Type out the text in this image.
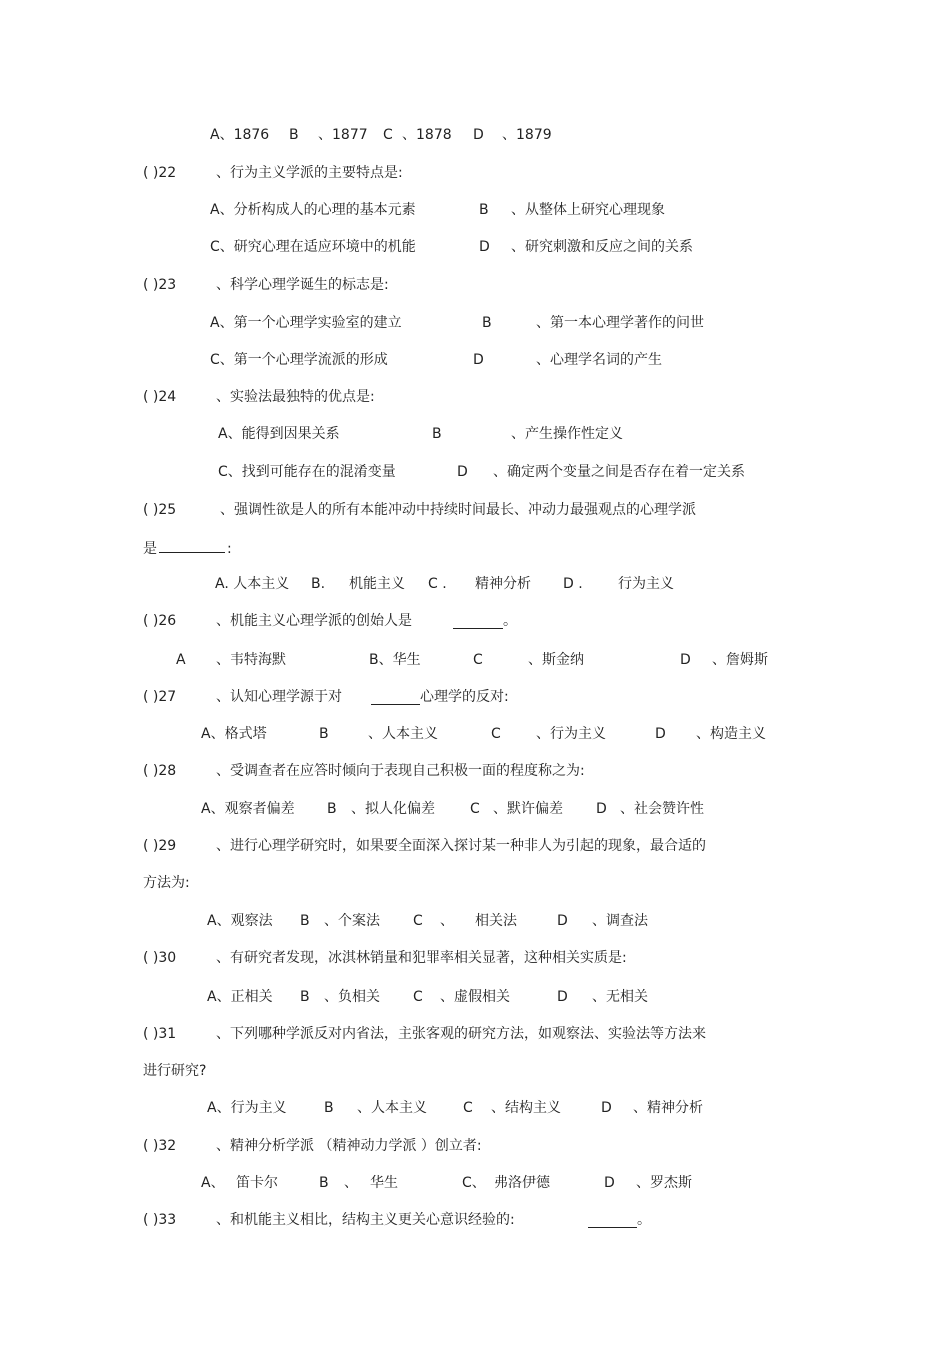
A、1876 B 、1877 C 、1878 D 、1879
( )22	、行为主义学派的主要特点是:
A、分析构成人的心理的基本元素	B 、从整体上研究心理现象
C、研究心理在适应环境中的机能	D 、研究刺激和反应之间的关系
( )23	、科学心理学诞生的标志是:
A、第一个心理学实验室的建立	B	、第一本心理学著作的问世
C、第一个心理学流派的形成	D	、心理学名词的产生
( )24	、实验法最独特的优点是:
A、能得到因果关系	B	、产生操作性定义
C、找到可能存在的混淆变量	D 、确定两个变量之间是否存在着一定关系
( )25	、强调性欲是人的所有本能冲动中持续时间最长、冲动力最强观点的心理学派
是	:
A. 人本主义 B. 机能主义 C . 精神分析 D .	行为主义
( )26	、机能主义心理学派的创始人是	。
A 、韦特海默	B、华生	C	、斯金纳	D 、詹姆斯
( )27	、认知心理学源于对	心理学的反对:
A、格式塔	B	、人本主义	C	、行为主义	D 、构造主义
( )28	、受调查者在应答时倾向于表现自己积极一面的程度称之为:
A、观察者偏差 B 、拟人化偏差	C 、默许偏差 D 、社会赞许性
( )29	、进行心理学研究时，如果要全面深入探讨某一种非人为引起的现象，最合适的
方法为:
A、观察法 B 、个案法 C 、 相关法	D 、调查法
( )30	、有研究者发现，冰淇林销量和犯罪率相关显著，这种相关实质是:
A、正相关 B 、负相关 C 、虚假相关	D 、无相关
( )31	、下列哪种学派反对内省法，主张客观的研究方法，如观察法、实验法等方法来
进行研究?
A、行为主义	B 、人本主义	C 、结构主义	D 、精神分析
( )32	、精神分析学派 （精神动力学派 ）创立者:
A、 笛卡尔	B 、 华生	C、 弗洛伊德	D 、罗杰斯
( )33	、和机能主义相比，结构主义更关心意识经验的:	。
